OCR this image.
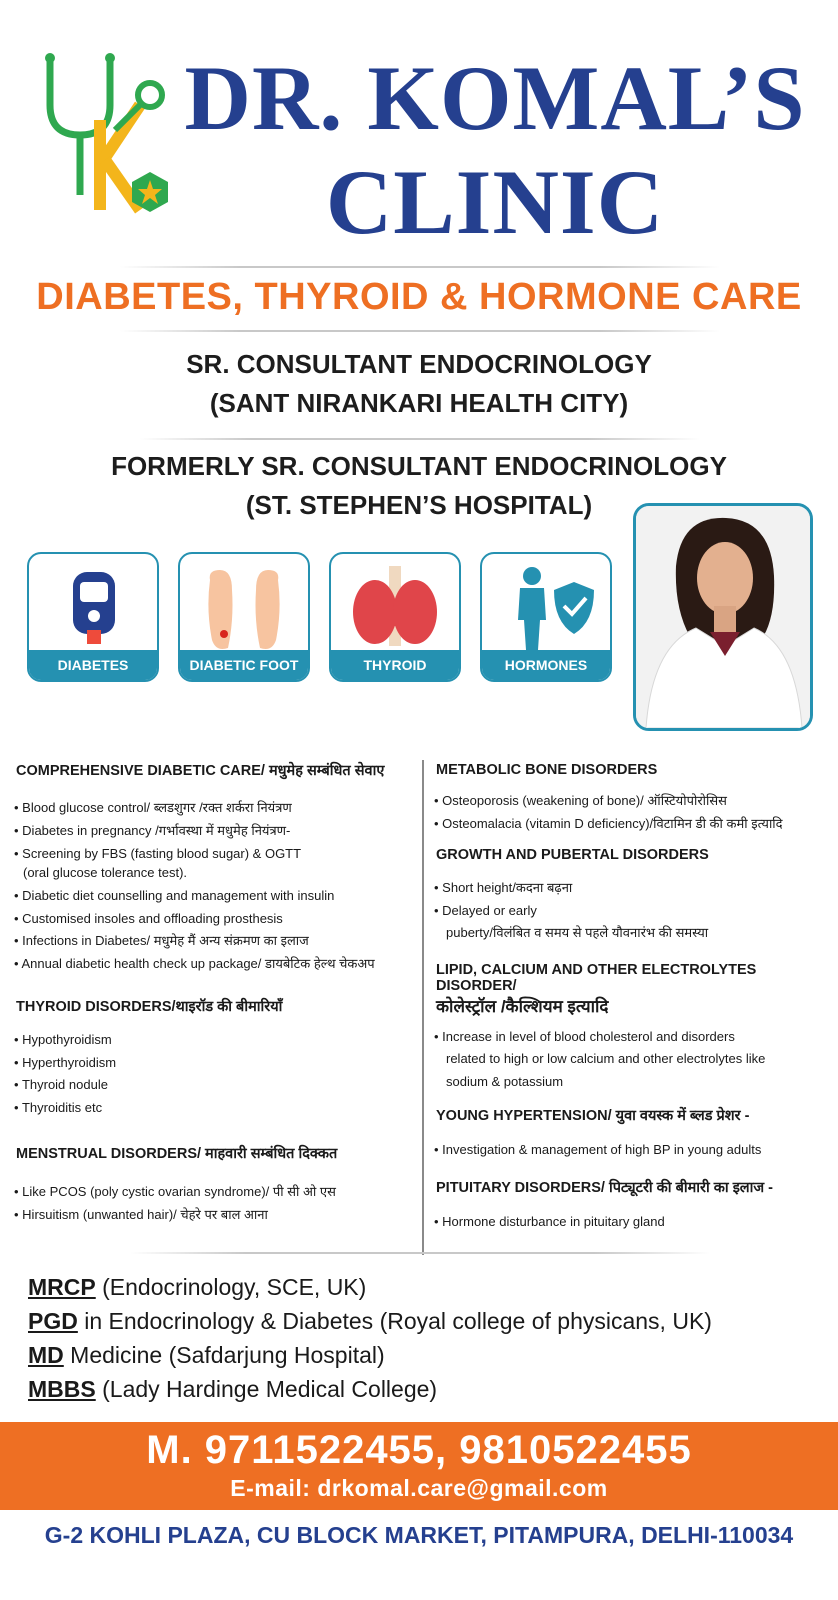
DR. KOMAL’S
CLINIC
DIABETES, THYROID & HORMONE CARE
SR. CONSULTANT ENDOCRINOLOGY
(SANT NIRANKARI HEALTH CITY)
FORMERLY SR. CONSULTANT ENDOCRINOLOGY
(ST. STEPHEN’S HOSPITAL)
DIABETES	DIABETIC FOOT	THYROID	HORMONES
COMPREHENSIVE DIABETIC CARE/ मधुमेह सम्बंधित सेवाए
• Blood glucose control/ ब्लडशुगर /रक्त शर्करा नियंत्रण
• Diabetes in pregnancy /गर्भावस्था में मधुमेह नियंत्रण-
• Screening by FBS (fasting blood sugar) & OGTT
(oral glucose tolerance test).
• Diabetic diet counselling and management with insulin
• Customised insoles and offloading prosthesis
• Infections in Diabetes/ मधुमेह मैं अन्य संक्रमण का इलाज
• Annual diabetic health check up package/ डायबेटिक हेल्थ चेकअप
THYROID DISORDERS/थाइरॉड की बीमारियाँ
• Hypothyroidism
• Hyperthyroidism
• Thyroid nodule
• Thyroiditis etc
MENSTRUAL DISORDERS/ माहवारी सम्बंधित दिक्कत
• Like PCOS (poly cystic ovarian syndrome)/ पी सी ओ एस
• Hirsuitism (unwanted hair)/ चेहरे पर बाल आना
METABOLIC BONE DISORDERS
• Osteoporosis (weakening of bone)/ ऑस्टियोपोरोसिस
• Osteomalacia (vitamin D deficiency)/विटामिन डी की कमी इत्यादि
GROWTH AND PUBERTAL DISORDERS
• Short height/कदना बढ़ना
• Delayed or early
puberty/विलंबित व समय से पहले यौवनारंभ की समस्या
LIPID, CALCIUM AND OTHER ELECTROLYTES DISORDER/
कोलेस्ट्रॉल /कैल्शियम इत्यादि
• Increase in level of blood cholesterol and disorders
related to high or low calcium and other electrolytes like
sodium & potassium
YOUNG HYPERTENSION/ युवा वयस्क में ब्लड प्रेशर -
• Investigation & management of high BP in young adults
PITUITARY DISORDERS/ पिट्यूटरी की बीमारी का इलाज -
• Hormone disturbance in pituitary gland
MRCP (Endocrinology, SCE, UK)
PGD in Endocrinology & Diabetes (Royal college of physicans, UK)
MD Medicine (Safdarjung Hospital)
MBBS (Lady Hardinge Medical College)
M. 9711522455, 9810522455
E-mail: drkomal.care@gmail.com
G-2 KOHLI PLAZA, CU BLOCK MARKET, PITAMPURA, DELHI-110034
